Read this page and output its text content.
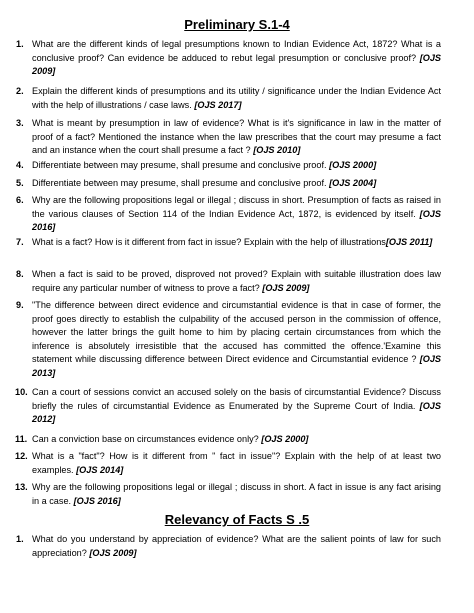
Preliminary S.1-4
1. What are the different kinds of legal presumptions known to Indian Evidence Act, 1872? What is a conclusive proof? Can evidence be adduced to rebut legal presumption or conclusive proof? [OJS 2009]
2. Explain the different kinds of presumptions and its utility / significance under the Indian Evidence Act with the help of illustrations / case laws. [OJS 2017]
3. What is meant by presumption in law of evidence? What is it's significance in law in the matter of proof of a fact? Mentioned the instance when the law prescribes that the court may presume a fact and an instance when the court shall presume a fact ? [OJS 2010]
4. Differentiate between may presume, shall presume and conclusive proof. [OJS 2000]
5. Differentiate between may presume, shall presume and conclusive proof. [OJS 2004]
6. Why are the following propositions legal or illegal ; discuss in short. Presumption of facts as raised in the various clauses of Section 114 of the Indian Evidence Act, 1872, is evidenced by itself. [OJS 2016]
7. What is a fact? How is it different from fact in issue? Explain with the help of illustrations[OJS 2011]
8. When a fact is said to be proved, disproved not proved? Explain with suitable illustration does law require any particular number of witness to prove a fact? [OJS 2009]
9. "The difference between direct evidence and circumstantial evidence is that in case of former, the proof goes directly to establish the culpability of the accused person in the commission of offence, however the latter brings the guilt home to him by placing certain circumstances from which the inference is absolutely irresistible that the accused has committed the offence.'Examine this statement while discussing difference between Direct evidence and Circumstantial evidence ? [OJS 2013]
10. Can a court of sessions convict an accused solely on the basis of circumstantial Evidence? Discuss briefly the rules of circumstantial Evidence as Enumerated by the Supreme Court of India. [OJS 2012]
11. Can a conviction base on circumstances evidence only? [OJS 2000]
12. What is a "fact"? How is it different from " fact in issue"? Explain with the help of at least two examples. [OJS 2014]
13. Why are the following propositions legal or illegal ; discuss in short. A fact in issue is any fact arising in a case. [OJS 2016]
Relevancy of Facts S .5
1. What do you understand by appreciation of evidence? What are the salient points of law for such appreciation? [OJS 2009]
